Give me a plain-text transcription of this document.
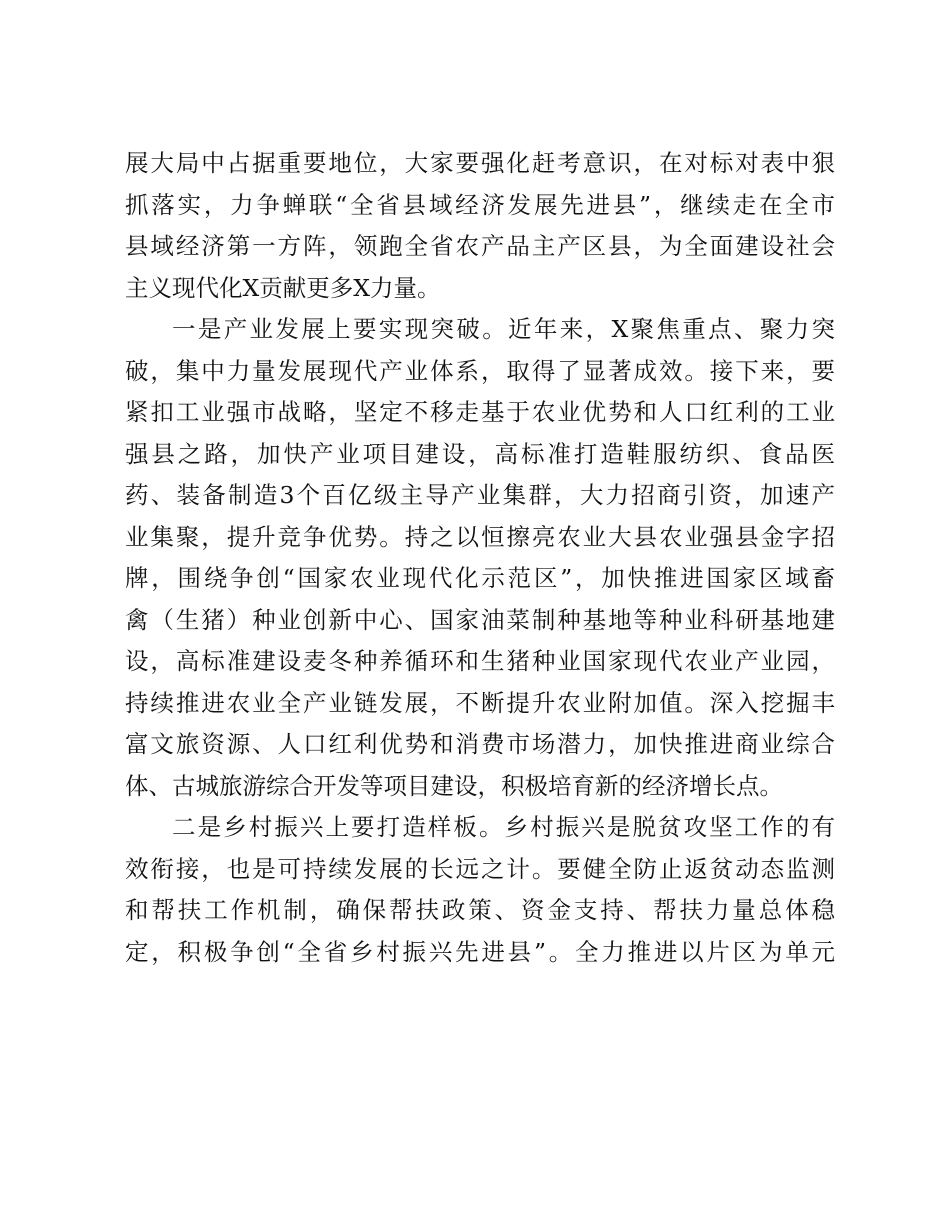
展大局中占据重要地位，大家要强化赶考意识，在对标对表中狠
抓落实，力争蝉联“全省县域经济发展先进县”，继续走在全市
县域经济第一方阵，领跑全省农产品主产区县，为全面建设社会
主义现代化X贡献更多X力量。
一是产业发展上要实现突破。近年来，X聚焦重点、聚力突
破，集中力量发展现代产业体系，取得了显著成效。接下来，要
紧扣工业强市战略，坚定不移走基于农业优势和人口红利的工业
强县之路，加快产业项目建设，高标准打造鞋服纺织、食品医
药、装备制造3个百亿级主导产业集群，大力招商引资，加速产
业集聚，提升竞争优势。持之以恒擦亮农业大县农业强县金字招
牌，围绕争创“国家农业现代化示范区”，加快推进国家区域畜
禽（生猪）种业创新中心、国家油菜制种基地等种业科研基地建
设，高标准建设麦冬种养循环和生猪种业国家现代农业产业园，
持续推进农业全产业链发展，不断提升农业附加值。深入挖掘丰
富文旅资源、人口红利优势和消费市场潜力，加快推进商业综合
体、古城旅游综合开发等项目建设，积极培育新的经济增长点。
二是乡村振兴上要打造样板。乡村振兴是脱贫攻坚工作的有
效衔接，也是可持续发展的长远之计。要健全防止返贫动态监测
和帮扶工作机制，确保帮扶政策、资金支持、帮扶力量总体稳
定，积极争创“全省乡村振兴先进县”。全力推进以片区为单元
